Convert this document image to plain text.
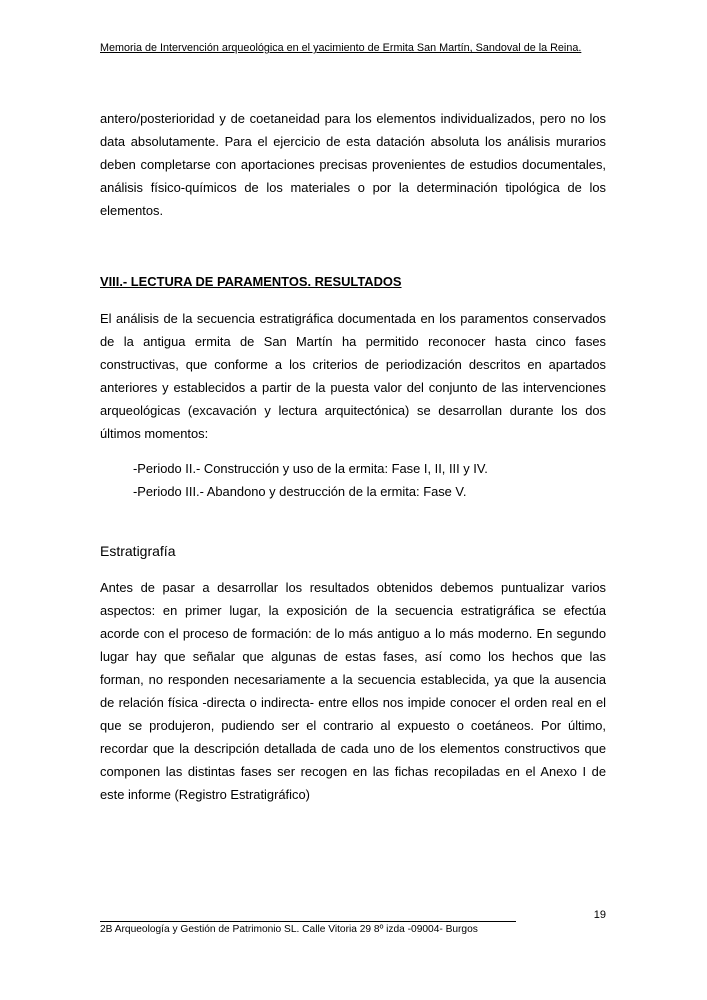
Memoria de Intervención arqueológica en el yacimiento de Ermita San Martín, Sandoval de la Reina.
antero/posterioridad y de coetaneidad para los elementos individualizados, pero no los
data absolutamente. Para el ejercicio de esta datación absoluta los análisis murarios
deben completarse con aportaciones precisas provenientes de estudios documentales,
análisis físico-químicos de los materiales o por la determinación tipológica de los
elementos.
VIII.- LECTURA DE PARAMENTOS. RESULTADOS
El análisis de la secuencia estratigráfica documentada en los paramentos conservados
de la antigua ermita de San Martín ha permitido reconocer hasta cinco fases
constructivas, que conforme a los criterios de periodización descritos en apartados
anteriores y establecidos a partir de la puesta valor del conjunto de las intervenciones
arqueológicas (excavación y lectura arquitectónica) se desarrollan durante los dos
últimos momentos:
-Periodo II.- Construcción y uso de la ermita: Fase I, II, III y IV.
-Periodo III.- Abandono y destrucción de la ermita: Fase V.
Estratigrafía
Antes de pasar a desarrollar los resultados obtenidos debemos puntualizar varios
aspectos: en primer lugar, la exposición de la secuencia estratigráfica se efectúa
acorde con el proceso de formación: de lo más antiguo a lo más moderno. En segundo
lugar hay que señalar que algunas de estas fases, así como los hechos que las
forman, no responden necesariamente a la secuencia establecida, ya que la ausencia
de relación física -directa o indirecta- entre ellos nos impide conocer el orden real en el
que se produjeron, pudiendo ser el contrario al expuesto o coetáneos. Por último,
recordar que la descripción detallada de cada uno de los elementos constructivos que
componen las distintas fases ser recogen en las fichas recopiladas en el Anexo I de
este informe (Registro Estratigráfico)
19
2B Arqueología y Gestión de Patrimonio SL. Calle Vitoria 29 8º izda -09004- Burgos
